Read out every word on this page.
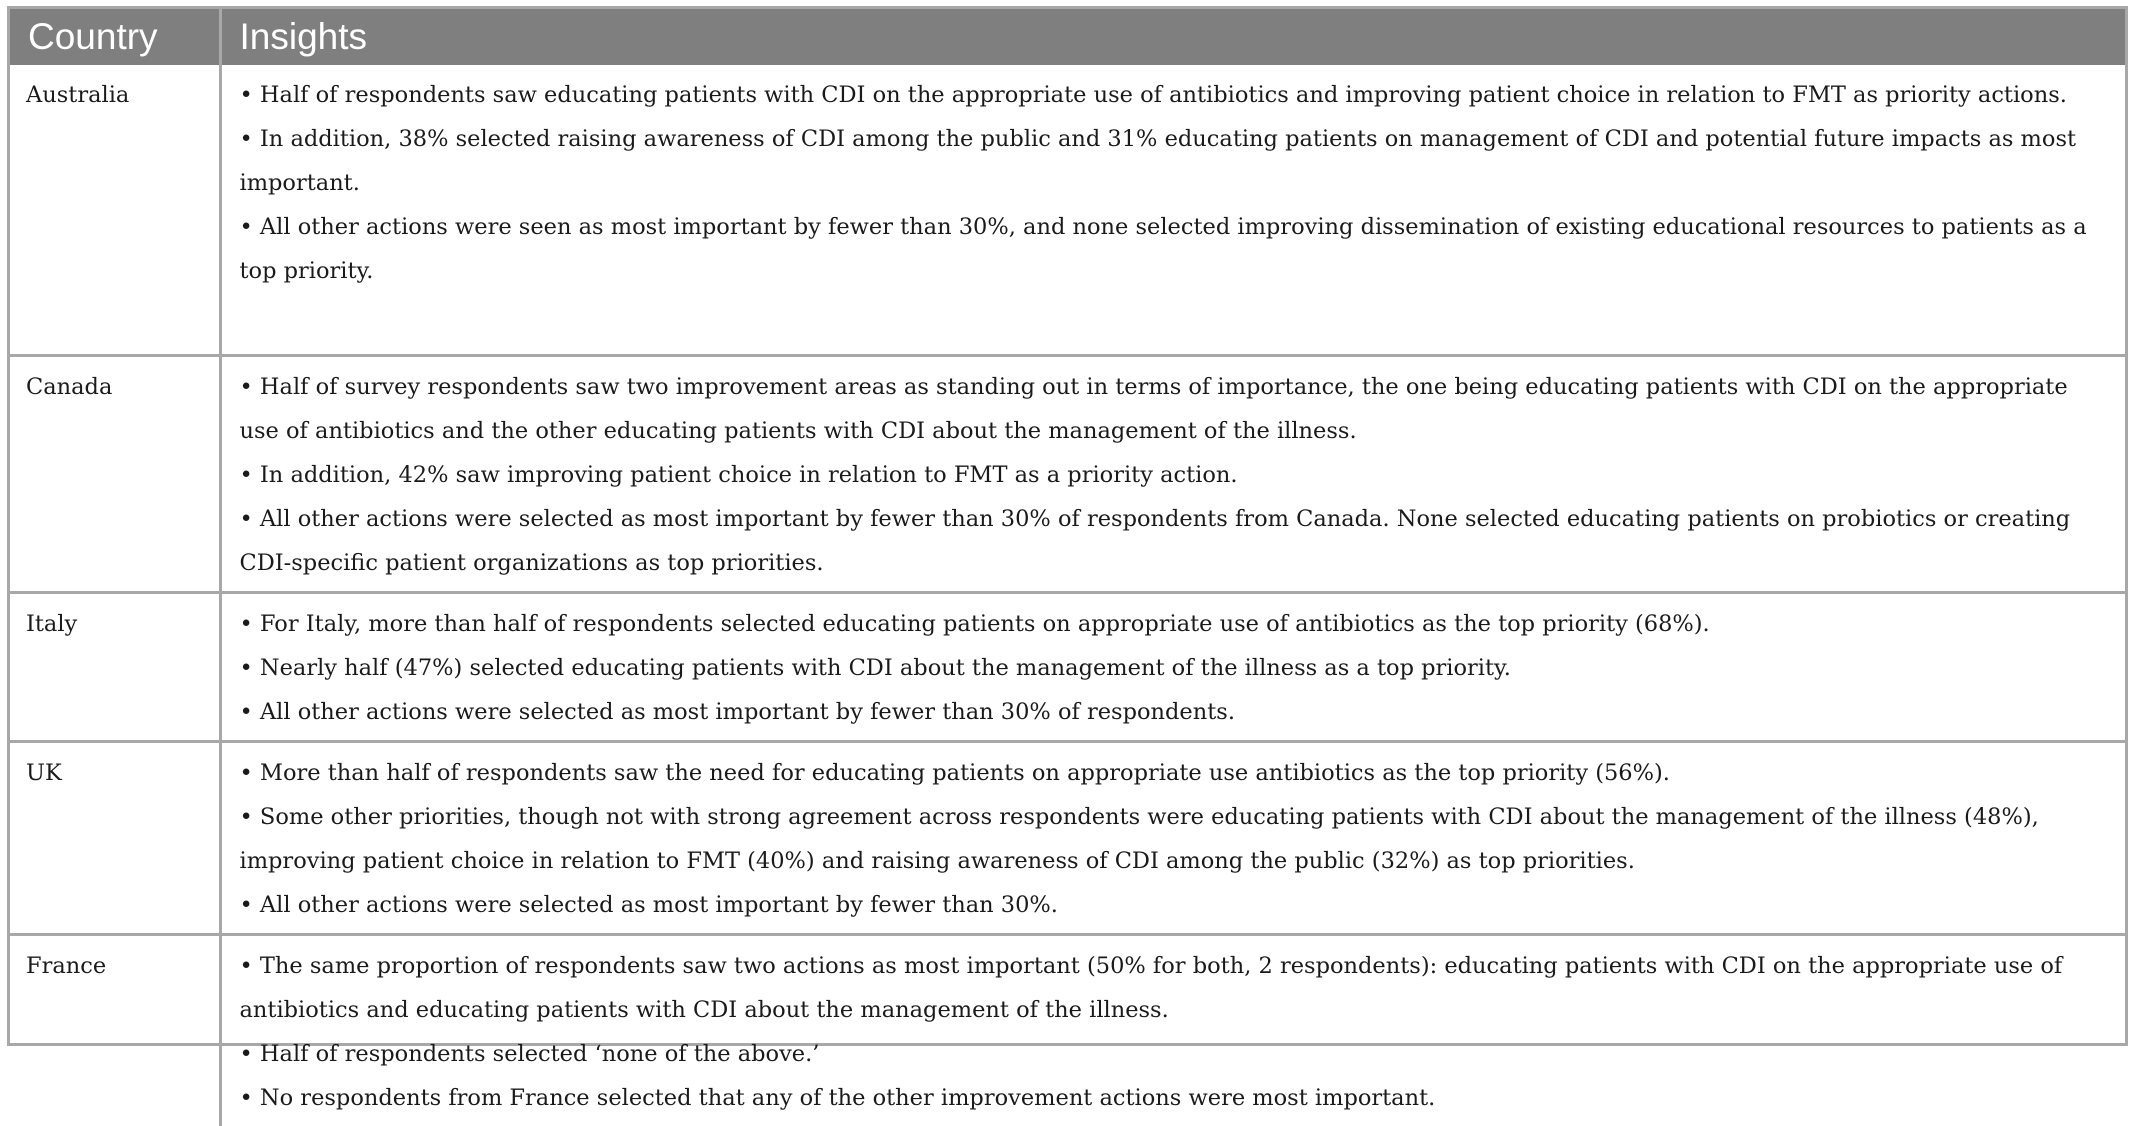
Country	Insights
Australia	• Half of respondents saw educating patients with CDI on the appropriate use of antibiotics and improving patient choice in relation to FMT as priority actions.
• In addition, 38% selected raising awareness of CDI among the public and 31% educating patients on management of CDI and potential future impacts as most important.
• All other actions were seen as most important by fewer than 30%, and none selected improving dissemination of existing educational resources to patients as a top priority.

Canada	• Half of survey respondents saw two improvement areas as standing out in terms of importance, the one being educating patients with CDI on the appropriate use of antibiotics and the other educating patients with CDI about the management of the illness.
• In addition, 42% saw improving patient choice in relation to FMT as a priority action.
• All other actions were selected as most important by fewer than 30% of respondents from Canada. None selected educating patients on probiotics or creating CDI-specific patient organizations as top priorities.

Italy	• For Italy, more than half of respondents selected educating patients on appropriate use of antibiotics as the top priority (68%).
• Nearly half (47%) selected educating patients with CDI about the management of the illness as a top priority.
• All other actions were selected as most important by fewer than 30% of respondents.

UK	• More than half of respondents saw the need for educating patients on appropriate use antibiotics as the top priority (56%).
• Some other priorities, though not with strong agreement across respondents were educating patients with CDI about the management of the illness (48%), improving patient choice in relation to FMT (40%) and raising awareness of CDI among the public (32%) as top priorities.
• All other actions were selected as most important by fewer than 30%.

France	• The same proportion of respondents saw two actions as most important (50% for both, 2 respondents): educating patients with CDI on the appropriate use of antibiotics and educating patients with CDI about the management of the illness.
• Half of respondents selected ‘none of the above.’
• No respondents from France selected that any of the other improvement actions were most important.
